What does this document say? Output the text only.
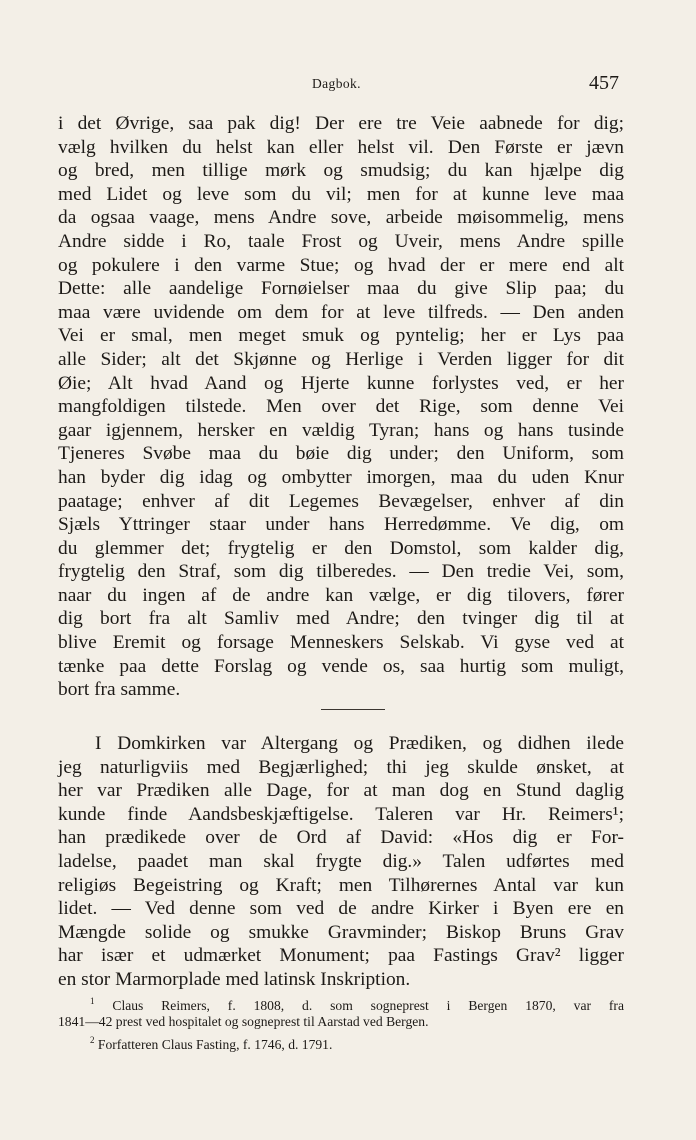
Dagbok.	457
i det Øvrige, saa pak dig! Der ere tre Veie aabnede for dig;
vælg hvilken du helst kan eller helst vil. Den Første er jævn
og bred, men tillige mørk og smudsig; du kan hjælpe dig
med Lidet og leve som du vil; men for at kunne leve maa
da ogsaa vaage, mens Andre sove, arbeide møisommelig, mens
Andre sidde i Ro, taale Frost og Uveir, mens Andre spille
og pokulere i den varme Stue; og hvad der er mere end alt
Dette: alle aandelige Fornøielser maa du give Slip paa; du
maa være uvidende om dem for at leve tilfreds. — Den anden
Vei er smal, men meget smuk og pyntelig; her er Lys paa
alle Sider; alt det Skjønne og Herlige i Verden ligger for dit
Øie; Alt hvad Aand og Hjerte kunne forlystes ved, er her
mangfoldigen tilstede. Men over det Rige, som denne Vei
gaar igjennem, hersker en vældig Tyran; hans og hans tusinde
Tjeneres Svøbe maa du bøie dig under; den Uniform, som
han byder dig idag og ombytter imorgen, maa du uden Knur
paatage; enhver af dit Legemes Bevægelser, enhver af din
Sjæls Yttringer staar under hans Herredømme. Ve dig, om
du glemmer det; frygtelig er den Domstol, som kalder dig,
frygtelig den Straf, som dig tilberedes. — Den tredie Vei, som,
naar du ingen af de andre kan vælge, er dig tilovers, fører
dig bort fra alt Samliv med Andre; den tvinger dig til at
blive Eremit og forsage Menneskers Selskab. Vi gyse ved at
tænke paa dette Forslag og vende os, saa hurtig som muligt,
bort fra samme.
I Domkirken var Altergang og Prædiken, og didhen ilede
jeg naturligviis med Begjærlighed; thi jeg skulde ønsket, at
her var Prædiken alle Dage, for at man dog en Stund daglig
kunde finde Aandsbeskjæftigelse. Taleren var Hr. Reimers¹;
han prædikede over de Ord af David: «Hos dig er For-
ladelse, paadet man skal frygte dig.» Talen udførtes med
religiøs Begeistring og Kraft; men Tilhørernes Antal var kun
lidet. — Ved denne som ved de andre Kirker i Byen ere en
Mængde solide og smukke Gravminder; Biskop Bruns Grav
har især et udmærket Monument; paa Fastings Grav² ligger
en stor Marmorplade med latinsk Inskription.
$^1$ Claus Reimers, f. 1808, d. som sogneprest i Bergen 1870, var fra
1841—42 prest ved hospitalet og sogneprest til Aarstad ved Bergen.
$^2$ Forfatteren Claus Fasting, f. 1746, d. 1791.
